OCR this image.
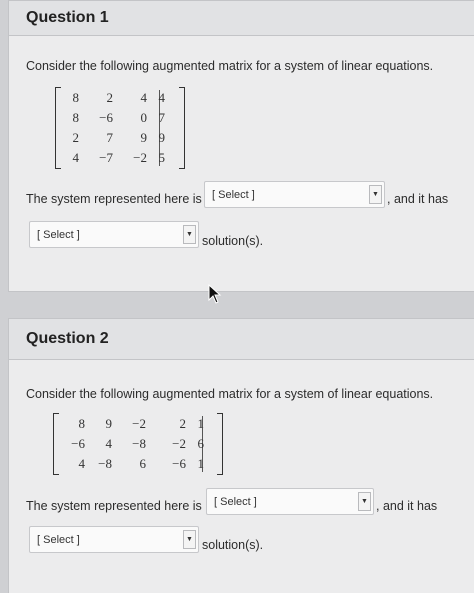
Question 1
Consider the following augmented matrix for a system of linear equations.
8	2	4 4
8	−6	0 7
2	7	9 9
4	−7	−2 5
The system represented here is [ Select ]	▼ , and it has
[ Select ]	▼ solution(s).
Question 2
Consider the following augmented matrix for a system of linear equations.
8	9	−2	2 1
−6	4	−8	−2 6
4	−8	6	−6 1
The system represented here is [ Select ]	▼ , and it has
[ Select ]	▼ solution(s).
